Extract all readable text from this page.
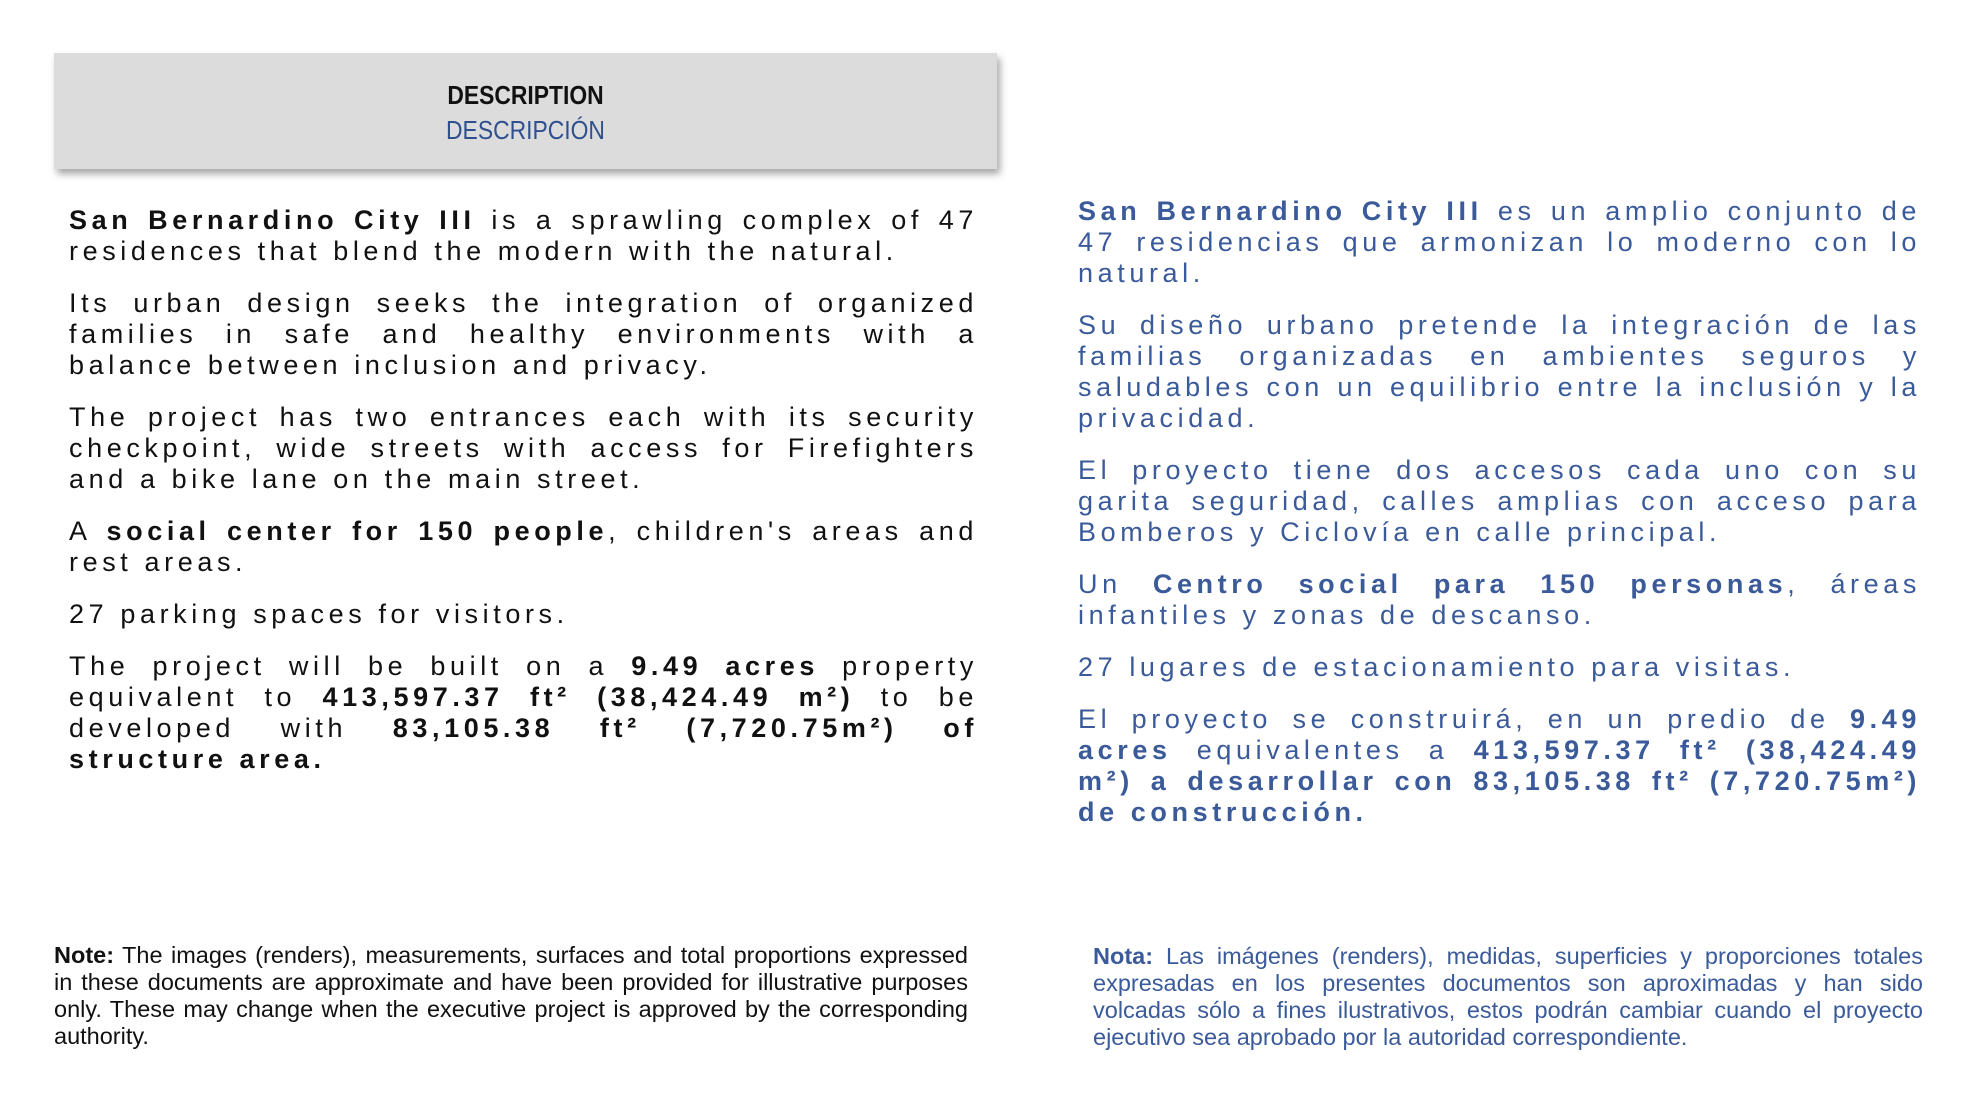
DESCRIPTION
DESCRIPCIÓN

San Bernardino City III is a sprawling complex of 47 residences that blend the modern with the natural.

Its urban design seeks the integration of organized families in safe and healthy environments with a balance between inclusion and privacy.

The project has two entrances each with its security checkpoint, wide streets with access for Firefighters and a bike lane on the main street.

A social center for 150 people, children's areas and rest areas.

27 parking spaces for visitors.

The project will be built on a 9.49 acres property equivalent to 413,597.37 ft² (38,424.49 m²) to be developed with 83,105.38 ft² (7,720.75m²) of structure area.

San Bernardino City III es un amplio conjunto de 47 residencias que armonizan lo moderno con lo natural.

Su diseño urbano pretende la integración de las familias organizadas en ambientes seguros y saludables con un equilibrio entre la inclusión y la privacidad.

El proyecto tiene dos accesos cada uno con su garita seguridad, calles amplias con acceso para Bomberos y Ciclovía en calle principal.

Un Centro social para 150 personas, áreas infantiles y zonas de descanso.

27 lugares de estacionamiento para visitas.

El proyecto se construirá, en un predio de 9.49 acres equivalentes a 413,597.37 ft² (38,424.49 m²) a desarrollar con 83,105.38 ft² (7,720.75m²) de construcción.

Note: The images (renders), measurements, surfaces and total proportions expressed in these documents are approximate and have been provided for illustrative purposes only. These may change when the executive project is approved by the corresponding authority.
Nota: Las imágenes (renders), medidas, superficies y proporciones totales expresadas en los presentes documentos son aproximadas y han sido volcadas sólo a fines ilustrativos, estos podrán cambiar cuando el proyecto ejecutivo sea aprobado por la autoridad correspondiente.
